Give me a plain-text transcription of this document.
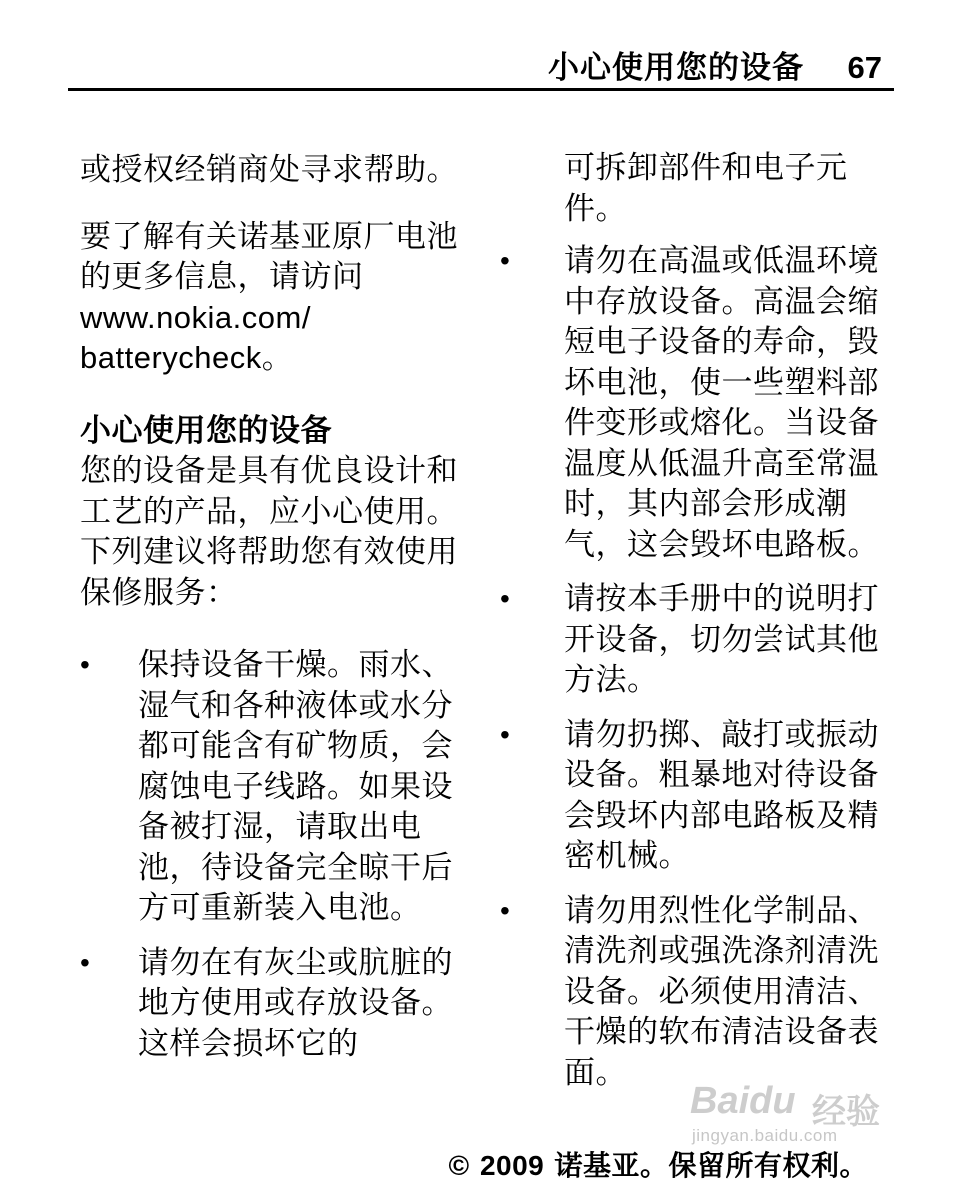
小心使用您的设备 67

或授权经销商处寻求帮助。

要了解有关诺基亚原厂电池的更多信息，请访问
www.nokia.com/
batterycheck。

小心使用您的设备

您的设备是具有优良设计和工艺的产品，应小心使用。下列建议将帮助您有效使用保修服务：

• 保持设备干燥。雨水、湿气和各种液体或水分都可能含有矿物质，会腐蚀电子线路。如果设备被打湿，请取出电池，待设备完全晾干后方可重新装入电池。
• 请勿在有灰尘或肮脏的地方使用或存放设备。这样会损坏它的

可拆卸部件和电子元件。

• 请勿在高温或低温环境中存放设备。高温会缩短电子设备的寿命，毁坏电池，使一些塑料部件变形或熔化。当设备温度从低温升高至常温时，其内部会形成潮气，这会毁坏电路板。
• 请按本手册中的说明打开设备，切勿尝试其他方法。
• 请勿扔掷、敲打或振动设备。粗暴地对待设备会毁坏内部电路板及精密机械。
• 请勿用烈性化学制品、清洗剂或强洗涤剂清洗设备。必须使用清洁、干燥的软布清洁设备表面。
Baidu 经验
jingyan.baidu.com
© 2009 诺基亚。保留所有权利。
